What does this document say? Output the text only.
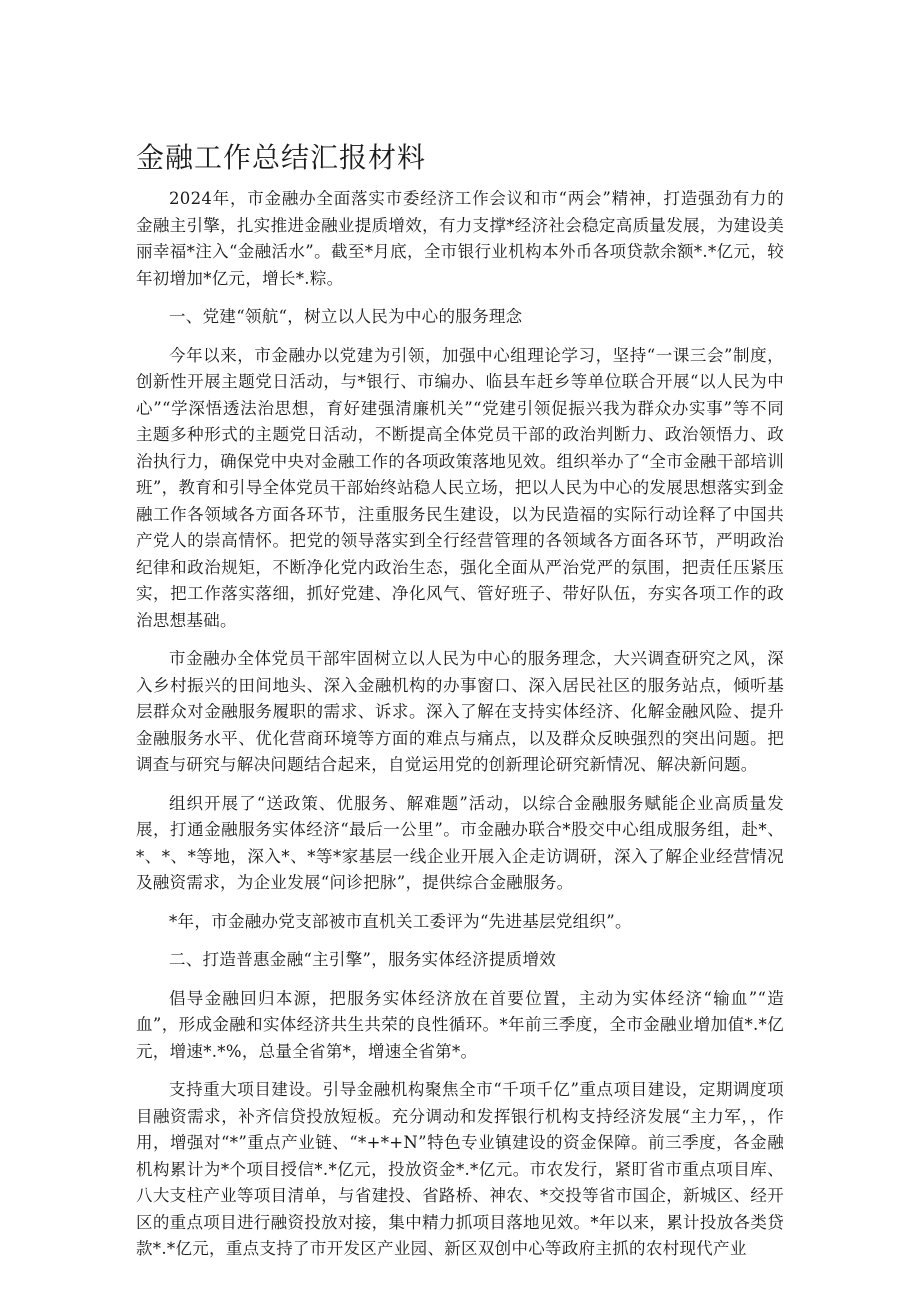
金融工作总结汇报材料

2024年，市金融办全面落实市委经济工作会议和市“两会”精神，打造强劲有力的金融主引擎，扎实推进金融业提质增效，有力支撑*经济社会稳定高质量发展，为建设美丽幸福*注入“金融活水”。截至*月底，全市银行业机构本外币各项贷款余额*.*亿元，较年初增加*亿元，增长*.粽。

一、党建“领航“，树立以人民为中心的服务理念

今年以来，市金融办以党建为引领，加强中心组理论学习，坚持“一课三会”制度，创新性开展主题党日活动，与*银行、市编办、临县车赶乡等单位联合开展“以人民为中心”“学深悟透法治思想，育好建强清廉机关”“党建引领促振兴我为群众办实事”等不同主题多种形式的主题党日活动，不断提高全体党员干部的政治判断力、政治领悟力、政治执行力，确保党中央对金融工作的各项政策落地见效。组织举办了“全市金融干部培训班”，教育和引导全体党员干部始终站稳人民立场，把以人民为中心的发展思想落实到金融工作各领域各方面各环节，注重服务民生建设，以为民造福的实际行动诠释了中国共产党人的崇高情怀。把党的领导落实到全行经营管理的各领域各方面各环节，严明政治纪律和政治规矩，不断净化党内政治生态，强化全面从严治党严的氛围，把责任压紧压实，把工作落实落细，抓好党建、净化风气、管好班子、带好队伍，夯实各项工作的政治思想基础。

市金融办全体党员干部牢固树立以人民为中心的服务理念，大兴调查研究之风，深入乡村振兴的田间地头、深入金融机构的办事窗口、深入居民社区的服务站点，倾听基层群众对金融服务履职的需求、诉求。深入了解在支持实体经济、化解金融风险、提升金融服务水平、优化营商环境等方面的难点与痛点，以及群众反映强烈的突出问题。把调查与研究与解决问题结合起来，自觉运用党的创新理论研究新情况、解决新问题。

组织开展了“送政策、优服务、解难题”活动，以综合金融服务赋能企业高质量发展，打通金融服务实体经济“最后一公里”。市金融办联合*股交中心组成服务组，赴*、*、*、*等地，深入*、*等*家基层一线企业开展入企走访调研，深入了解企业经营情况及融资需求，为企业发展“问诊把脉”，提供综合金融服务。

*年，市金融办党支部被市直机关工委评为“先进基层党组织”。

二、打造普惠金融“主引擎”，服务实体经济提质增效

倡导金融回归本源，把服务实体经济放在首要位置，主动为实体经济“输血”“造血”，形成金融和实体经济共生共荣的良性循环。*年前三季度，全市金融业增加值*.*亿元，增速*.*%，总量全省第*，增速全省第*。

支持重大项目建设。引导金融机构聚焦全市“千项千亿”重点项目建设，定期调度项目融资需求，补齐信贷投放短板。充分调动和发挥银行机构支持经济发展“主力军，，作用，增强对“*”重点产业链、“*+*+N”特色专业镇建设的资金保障。前三季度，各金融机构累计为*个项目授信*.*亿元，投放资金*.*亿元。市农发行，紧盯省市重点项目库、八大支柱产业等项目清单，与省建投、省路桥、神农、*交投等省市国企，新城区、经开区的重点项目进行融资投放对接，集中精力抓项目落地见效。*年以来，累计投放各类贷款*.*亿元，重点支持了市开发区产业园、新区双创中心等政府主抓的农村现代产业
